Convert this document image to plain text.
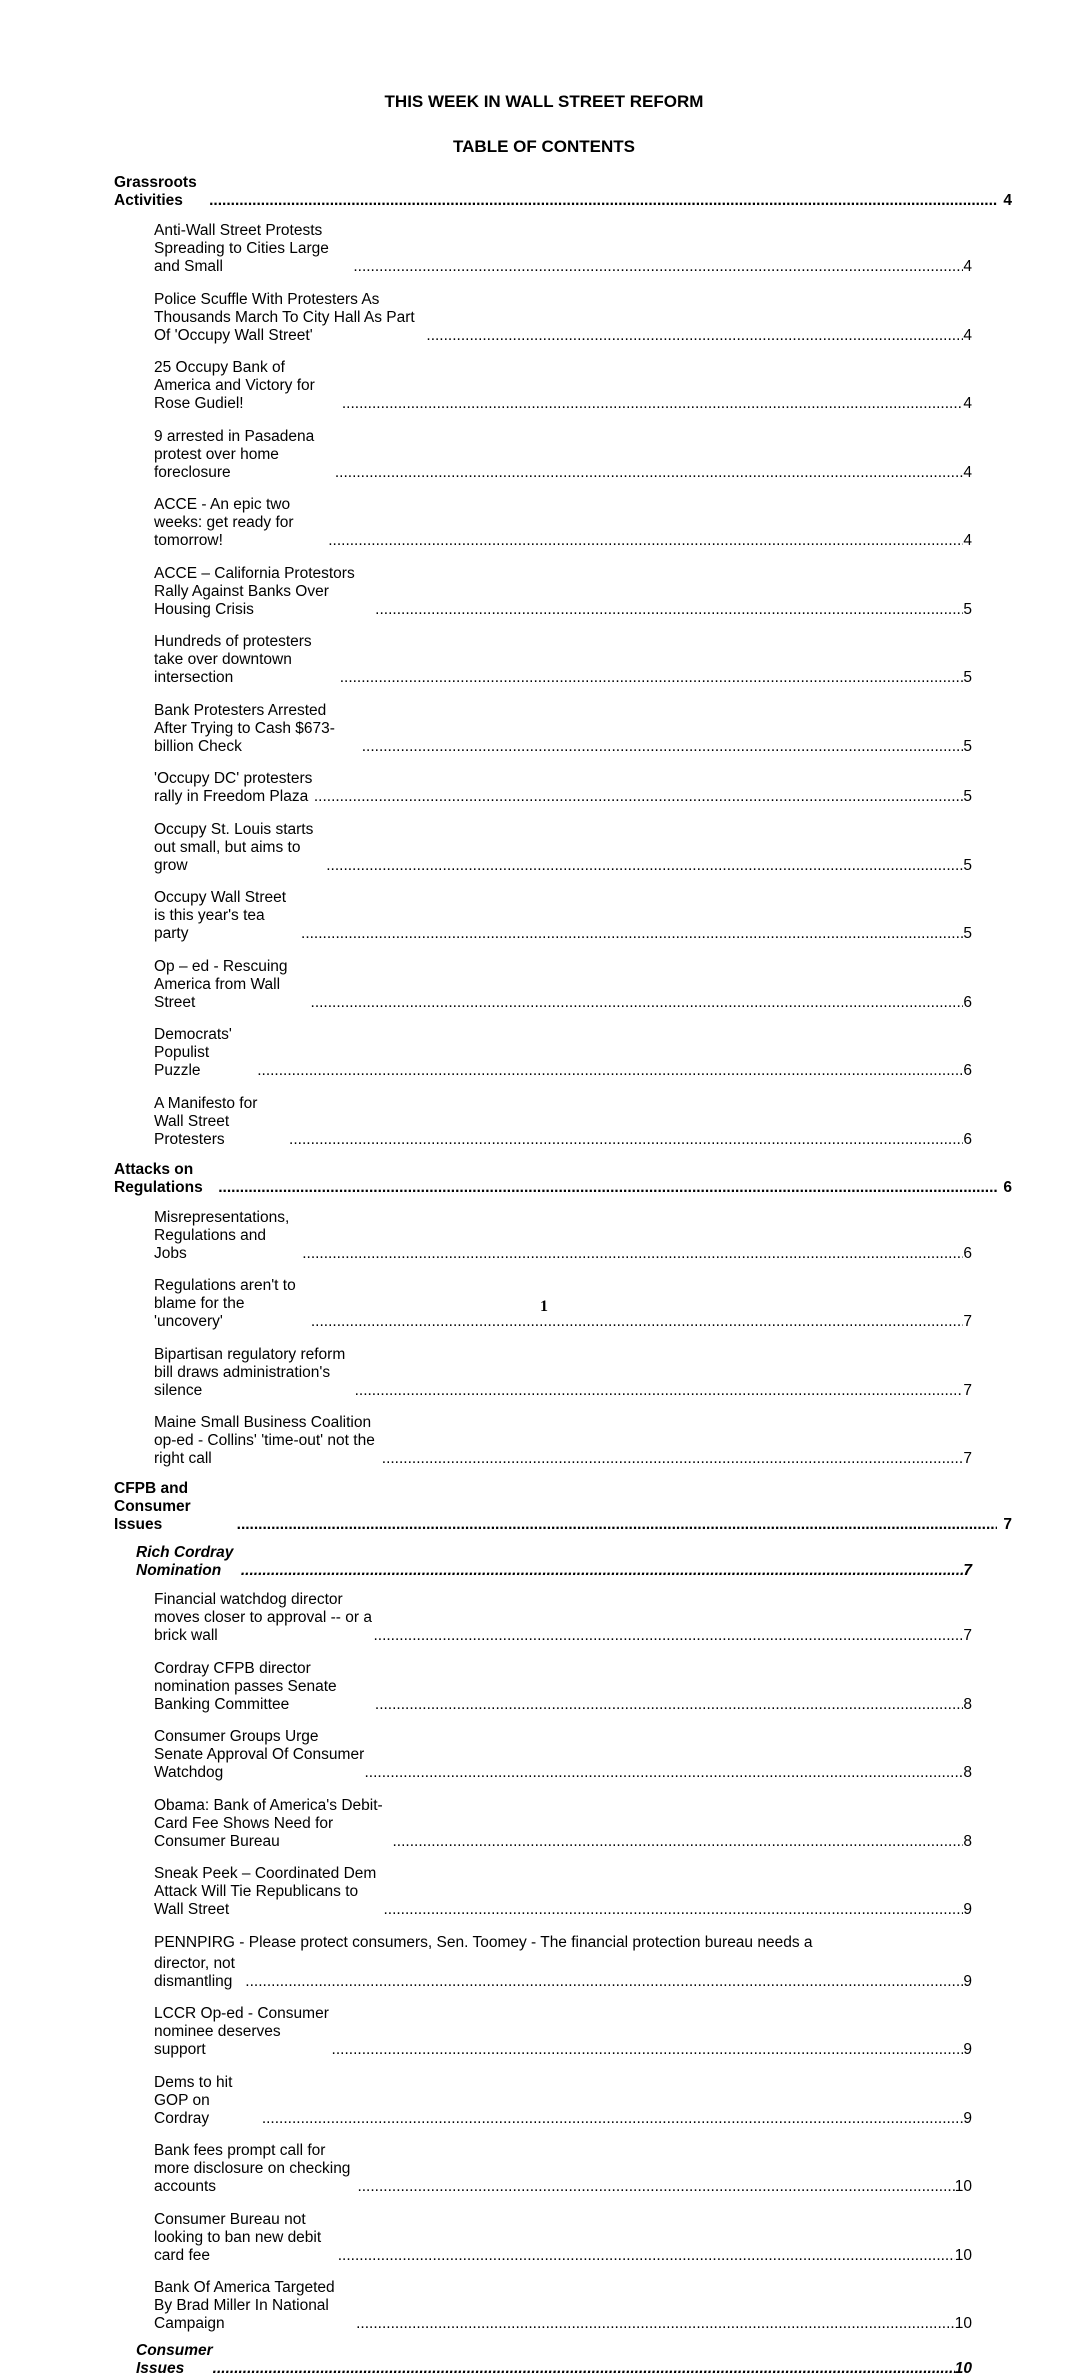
THIS WEEK IN WALL STREET REFORM
TABLE OF CONTENTS
Grassroots Activities .....	4
Anti-Wall Street Protests Spreading to Cities Large and Small .....	4
Police Scuffle With Protesters As Thousands March To City Hall As Part Of 'Occupy Wall Street' .....	4
25 Occupy Bank of America and Victory for Rose Gudiel! .....	4
9 arrested in Pasadena protest over home foreclosure .....	4
ACCE - An epic two weeks: get ready for tomorrow! .....	4
ACCE – California Protestors Rally Against Banks Over Housing Crisis .....	5
Hundreds of protesters take over downtown intersection .....	5
Bank Protesters Arrested After Trying to Cash $673-billion Check .....	5
'Occupy DC' protesters rally in Freedom Plaza .....	5
Occupy St. Louis starts out small, but aims to grow .....	5
Occupy Wall Street is this year's tea party .....	5
Op – ed - Rescuing America from Wall Street .....	6
Democrats' Populist Puzzle .....	6
A Manifesto for Wall Street Protesters .....	6
Attacks on Regulations .....	6
Misrepresentations, Regulations and Jobs .....	6
Regulations aren't to blame for the 'uncovery' .....	7
Bipartisan regulatory reform bill draws administration's silence .....	7
Maine Small Business Coalition op-ed - Collins' 'time-out' not the right call .....	7
CFPB and Consumer Issues .....	7
Rich Cordray Nomination .....	7
Financial watchdog director moves closer to approval -- or a brick wall .....	7
Cordray CFPB director nomination passes Senate Banking Committee .....	8
Consumer Groups Urge Senate Approval Of Consumer Watchdog .....	8
Obama: Bank of America's Debit-Card Fee Shows Need for Consumer Bureau .....	8
Sneak Peek – Coordinated Dem Attack Will Tie Republicans to Wall Street .....	9
PENNPIRG - Please protect consumers, Sen. Toomey - The financial protection bureau needs a
director, not dismantling .....	9
LCCR Op-ed - Consumer nominee deserves support .....	9
Dems to hit GOP on Cordray .....	9
Bank fees prompt call for more disclosure on checking accounts .....	10
Consumer Bureau not looking to ban new debit card fee .....	10
Bank Of America Targeted By Brad Miller In National Campaign .....	10
Consumer Issues .....	10
1
